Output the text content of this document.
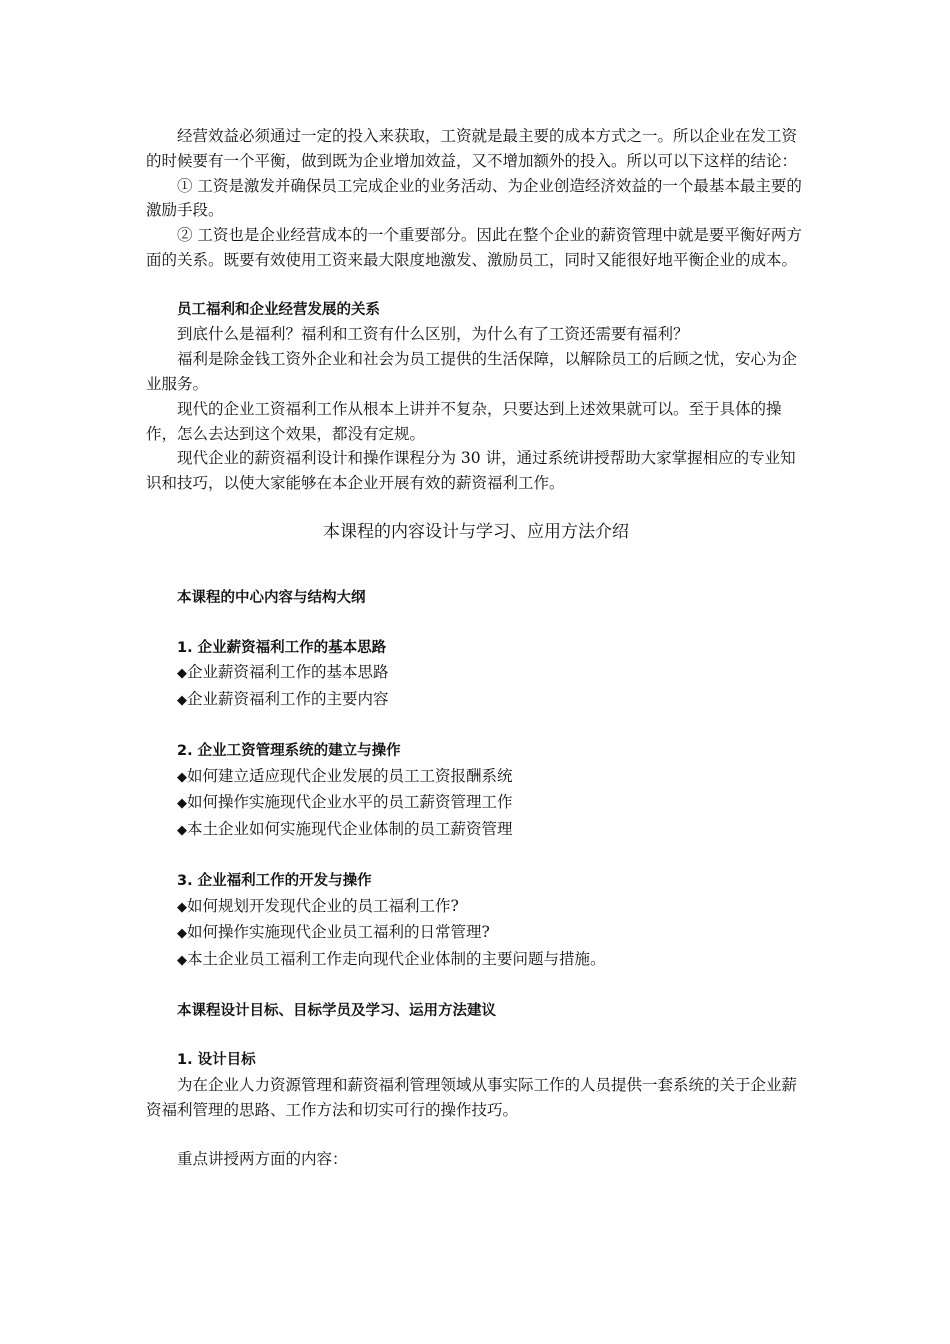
经营效益必须通过一定的投入来获取，工资就是最主要的成本方式之一。所以企业在发工资的时候要有一个平衡，做到既为企业增加效益，又不增加额外的投入。所以可以下这样的结论：

① 工资是激发并确保员工完成企业的业务活动、为企业创造经济效益的一个最基本最主要的激励手段。

② 工资也是企业经营成本的一个重要部分。因此在整个企业的薪资管理中就是要平衡好两方面的关系。既要有效使用工资来最大限度地激发、激励员工，同时又能很好地平衡企业的成本。

员工福利和企业经营发展的关系

到底什么是福利？福利和工资有什么区别，为什么有了工资还需要有福利？

福利是除金钱工资外企业和社会为员工提供的生活保障，以解除员工的后顾之忧，安心为企业服务。

现代的企业工资福利工作从根本上讲并不复杂，只要达到上述效果就可以。至于具体的操作，怎么去达到这个效果，都没有定规。

现代企业的薪资福利设计和操作课程分为 30 讲，通过系统讲授帮助大家掌握相应的专业知识和技巧，以使大家能够在本企业开展有效的薪资福利工作。

本课程的内容设计与学习、应用方法介绍

本课程的中心内容与结构大纲

1. 企业薪资福利工作的基本思路

◆企业薪资福利工作的基本思路

◆企业薪资福利工作的主要内容

2. 企业工资管理系统的建立与操作

◆如何建立适应现代企业发展的员工工资报酬系统

◆如何操作实施现代企业水平的员工薪资管理工作

◆本土企业如何实施现代企业体制的员工薪资管理

3. 企业福利工作的开发与操作

◆如何规划开发现代企业的员工福利工作?

◆如何操作实施现代企业员工福利的日常管理?

◆本土企业员工福利工作走向现代企业体制的主要问题与措施。

本课程设计目标、目标学员及学习、运用方法建议

1. 设计目标

为在企业人力资源管理和薪资福利管理领域从事实际工作的人员提供一套系统的关于企业薪资福利管理的思路、工作方法和切实可行的操作技巧。

重点讲授两方面的内容：
